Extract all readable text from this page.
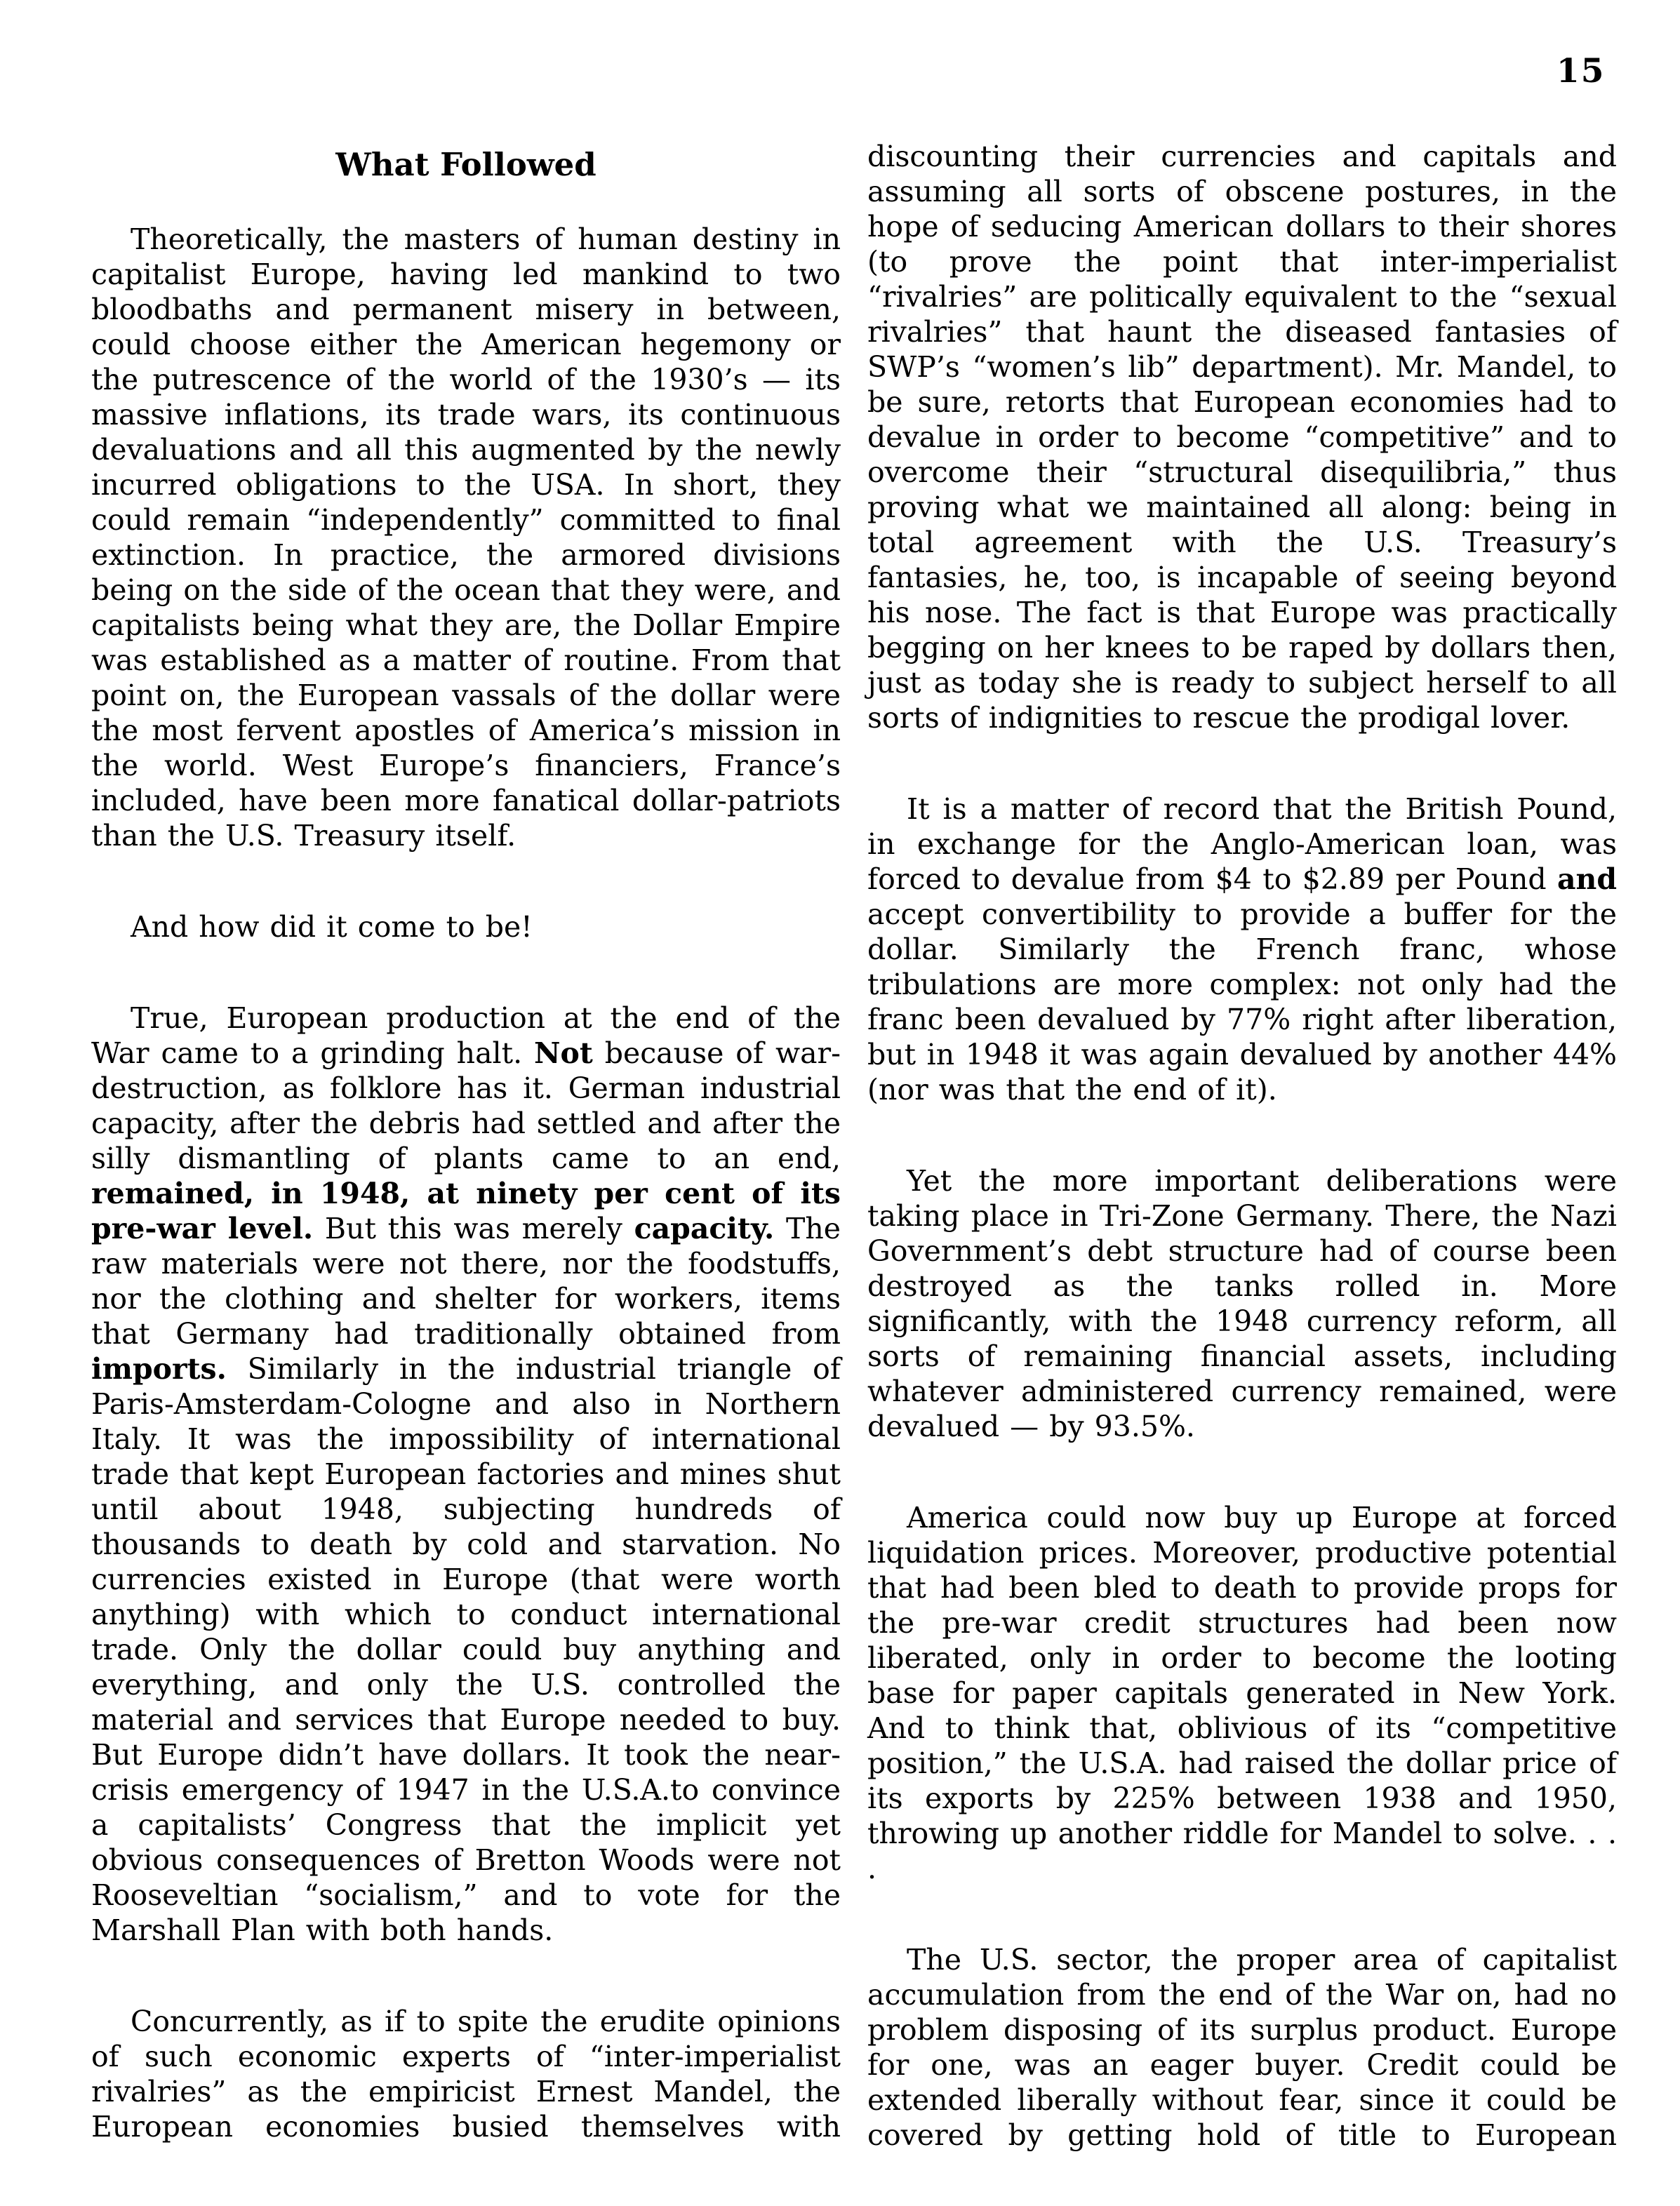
15
What Followed

Theoretically, the masters of human destiny in capitalist Europe, having led mankind to two bloodbaths and permanent misery in between, could choose either the American hegemony or the putrescence of the world of the 1930’s — its massive inflations, its trade wars, its continuous devaluations and all this augmented by the newly incurred obligations to the USA. In short, they could remain “independently” committed to final extinction. In practice, the armored divisions being on the side of the ocean that they were, and capitalists being what they are, the Dollar Empire was established as a matter of routine. From that point on, the European vassals of the dollar were the most fervent apostles of America’s mission in the world. West Europe’s financiers, France’s included, have been more fanatical dollar-patriots than the U.S. Treasury itself.

And how did it come to be!

True, European production at the end of the War came to a grinding halt. Not because of war-destruction, as folklore has it. German industrial capacity, after the debris had settled and after the silly dismantling of plants came to an end, remained, in 1948, at ninety per cent of its pre-war level. But this was merely capacity. The raw materials were not there, nor the foodstuffs, nor the clothing and shelter for workers, items that Germany had traditionally obtained from imports. Similarly in the industrial triangle of Paris-Amsterdam-Cologne and also in Northern Italy. It was the impossibility of international trade that kept European factories and mines shut until about 1948, subjecting hundreds of thousands to death by cold and starvation. No currencies existed in Europe (that were worth anything) with which to conduct international trade. Only the dollar could buy anything and everything, and only the U.S. controlled the material and services that Europe needed to buy. But Europe didn’t have dollars. It took the near-crisis emergency of 1947 in the U.S.A.to convince a capitalists’ Congress that the implicit yet obvious consequences of Bretton Woods were not Rooseveltian “socialism,” and to vote for the Marshall Plan with both hands.

Concurrently, as if to spite the erudite opinions of such economic experts of “inter-imperialist rivalries” as the empiricist Ernest Mandel, the European economies busied themselves with

discounting their currencies and capitals and assuming all sorts of obscene postures, in the hope of seducing American dollars to their shores (to prove the point that inter-imperialist “rivalries” are politically equivalent to the “sexual rivalries” that haunt the diseased fantasies of SWP’s “women’s lib” department). Mr. Mandel, to be sure, retorts that European economies had to devalue in order to become “competitive” and to overcome their “structural disequilibria,” thus proving what we maintained all along: being in total agreement with the U.S. Treasury’s fantasies, he, too, is incapable of seeing beyond his nose. The fact is that Europe was practically begging on her knees to be raped by dollars then, just as today she is ready to subject herself to all sorts of indignities to rescue the prodigal lover.

It is a matter of record that the British Pound, in exchange for the Anglo-American loan, was forced to devalue from $4 to $2.89 per Pound and accept convertibility to provide a buffer for the dollar. Similarly the French franc, whose tribulations are more complex: not only had the franc been devalued by 77% right after liberation, but in 1948 it was again devalued by another 44% (nor was that the end of it).

Yet the more important deliberations were taking place in Tri-Zone Germany. There, the Nazi Government’s debt structure had of course been destroyed as the tanks rolled in. More significantly, with the 1948 currency reform, all sorts of remaining financial assets, including whatever administered currency remained, were devalued — by 93.5%.

America could now buy up Europe at forced liquidation prices. Moreover, productive potential that had been bled to death to provide props for the pre-war credit structures had been now liberated, only in order to become the looting base for paper capitals generated in New York. And to think that, oblivious of its “competitive position,” the U.S.A. had raised the dollar price of its exports by 225% between 1938 and 1950, throwing up another riddle for Mandel to solve. . . .

The U.S. sector, the proper area of capitalist accumulation from the end of the War on, had no problem disposing of its surplus product. Europe for one, was an eager buyer. Credit could be extended liberally without fear, since it could be covered by getting hold of title to European
